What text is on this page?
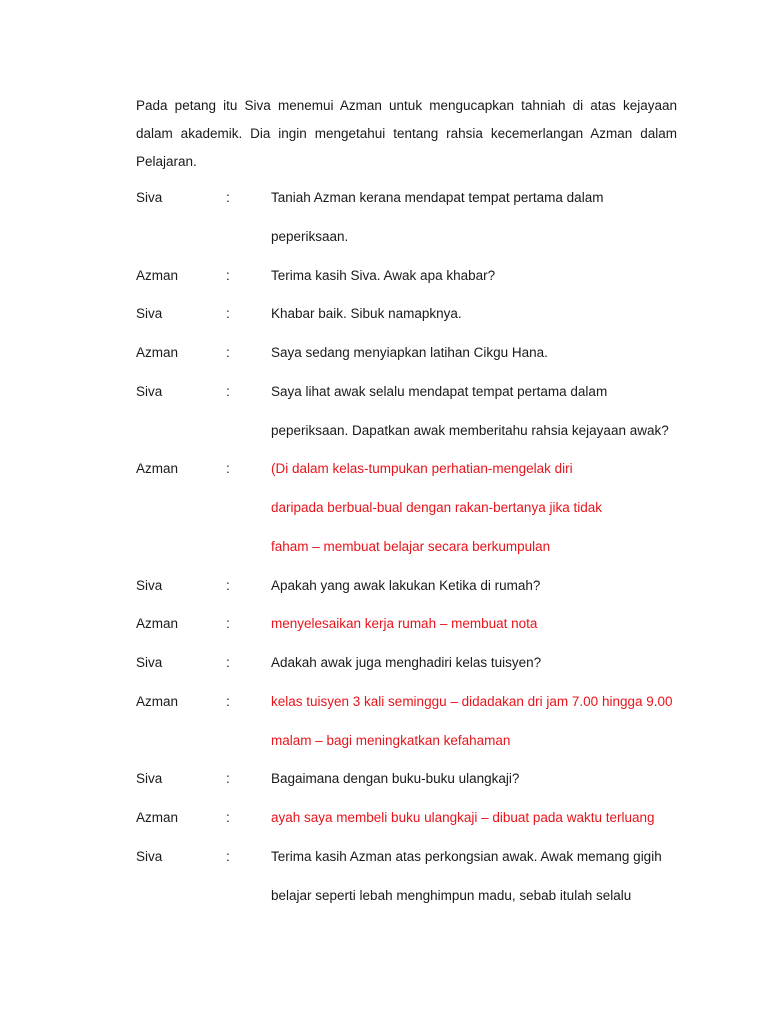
Pada petang itu Siva menemui Azman untuk mengucapkan tahniah di atas kejayaan dalam akademik. Dia ingin mengetahui tentang rahsia kecemerlangan Azman dalam Pelajaran.

Siva	:	Taniah Azman kerana mendapat tempat pertama dalam
peperiksaan.
Azman	:	Terima kasih Siva. Awak apa khabar?
Siva	:	Khabar baik. Sibuk namapknya.
Azman	:	Saya sedang menyiapkan latihan Cikgu Hana.
Siva	:	Saya lihat awak selalu mendapat tempat pertama dalam
peperiksaan. Dapatkan awak memberitahu rahsia kejayaan awak?
Azman	:	(Di dalam kelas-tumpukan perhatian-mengelak diri
daripada berbual-bual dengan rakan-bertanya jika tidak
faham – membuat belajar secara berkumpulan
Siva	:	Apakah yang awak lakukan Ketika di rumah?
Azman	:	menyelesaikan kerja rumah – membuat nota
Siva	:	Adakah awak juga menghadiri kelas tuisyen?
Azman	:	kelas tuisyen 3 kali seminggu – didadakan dri jam 7.00 hingga 9.00
malam – bagi meningkatkan kefahaman
Siva	:	Bagaimana dengan buku-buku ulangkaji?
Azman	:	ayah saya membeli buku ulangkaji – dibuat pada waktu terluang
Siva	:	Terima kasih Azman atas perkongsian awak. Awak memang gigih
belajar seperti lebah menghimpun madu, sebab itulah selalu
